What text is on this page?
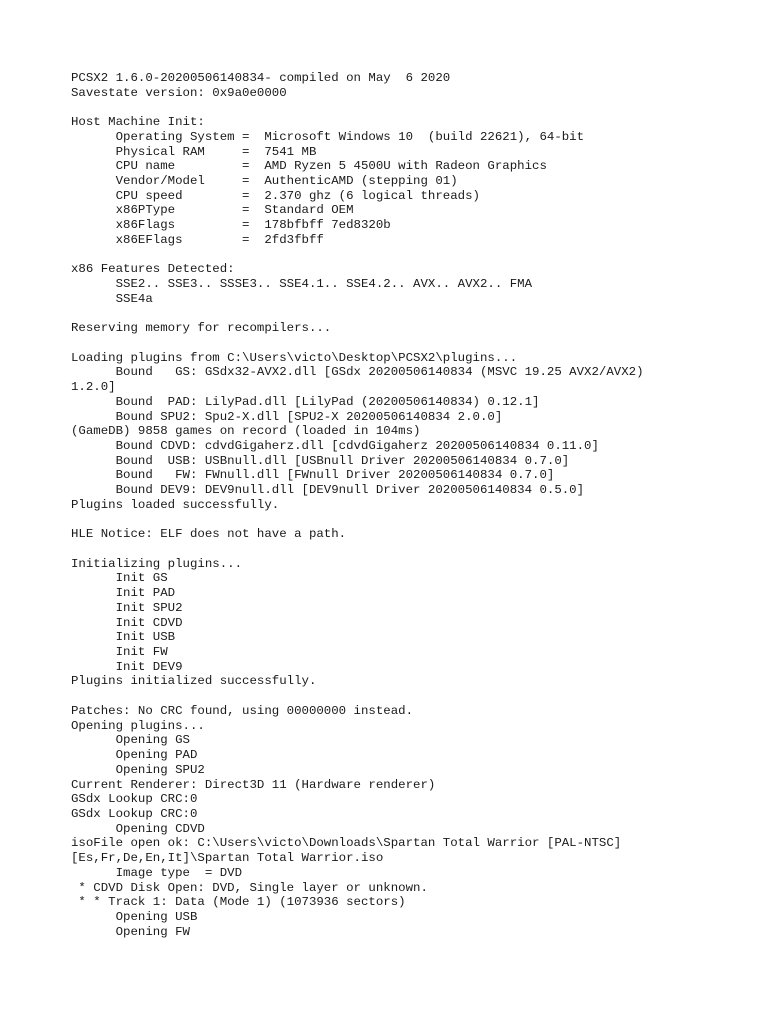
PCSX2 1.6.0-20200506140834- compiled on May  6 2020
Savestate version: 0x9a0e0000
Host Machine Init:
Operating System =  Microsoft Windows 10  (build 22621), 64-bit
Physical RAM     =  7541 MB
CPU name         =  AMD Ryzen 5 4500U with Radeon Graphics
Vendor/Model     =  AuthenticAMD (stepping 01)
CPU speed        =  2.370 ghz (6 logical threads)
x86PType         =  Standard OEM
x86Flags         =  178bfbff 7ed8320b
x86EFlags        =  2fd3fbff
x86 Features Detected:
SSE2.. SSE3.. SSSE3.. SSE4.1.. SSE4.2.. AVX.. AVX2.. FMA
SSE4a
Reserving memory for recompilers...
Loading plugins from C:\Users\victo\Desktop\PCSX2\plugins...
Bound   GS: GSdx32-AVX2.dll [GSdx 20200506140834 (MSVC 19.25 AVX2/AVX2)
1.2.0]
Bound  PAD: LilyPad.dll [LilyPad (20200506140834) 0.12.1]
Bound SPU2: Spu2-X.dll [SPU2-X 20200506140834 2.0.0]
(GameDB) 9858 games on record (loaded in 104ms)
Bound CDVD: cdvdGigaherz.dll [cdvdGigaherz 20200506140834 0.11.0]
Bound  USB: USBnull.dll [USBnull Driver 20200506140834 0.7.0]
Bound   FW: FWnull.dll [FWnull Driver 20200506140834 0.7.0]
Bound DEV9: DEV9null.dll [DEV9null Driver 20200506140834 0.5.0]
Plugins loaded successfully.
HLE Notice: ELF does not have a path.
Initializing plugins...
Init GS
Init PAD
Init SPU2
Init CDVD
Init USB
Init FW
Init DEV9
Plugins initialized successfully.
Patches: No CRC found, using 00000000 instead.
Opening plugins...
Opening GS
Opening PAD
Opening SPU2
Current Renderer: Direct3D 11 (Hardware renderer)
GSdx Lookup CRC:0
GSdx Lookup CRC:0
Opening CDVD
isoFile open ok: C:\Users\victo\Downloads\Spartan Total Warrior [PAL-NTSC]
[Es,Fr,De,En,It]\Spartan Total Warrior.iso
Image type  = DVD
* CDVD Disk Open: DVD, Single layer or unknown.
* * Track 1: Data (Mode 1) (1073936 sectors)
Opening USB
Opening FW
